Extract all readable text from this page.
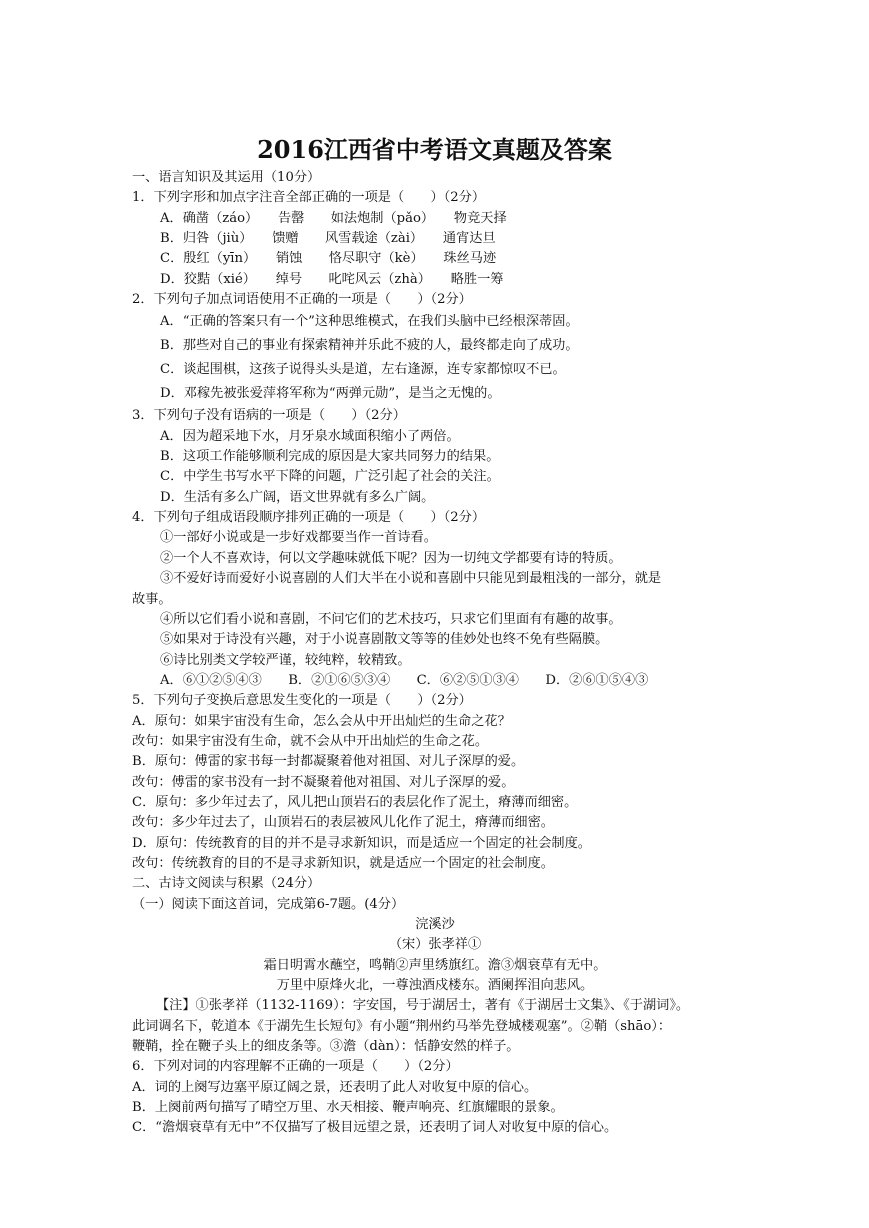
2016江西省中考语文真题及答案
一、语言知识及其运用（10分）
1．下列字形和加点字注音全部正确的一项是（　　）（2分）
A．确凿（záo）　　告罄　　如法炮制（pǎo）　　物竞天择
B．归咎（jiù）　　馈赠　　风雪载途（zài）　　通宵达旦
C．殷红（yīn）　　销蚀　　恪尽职守（kè）　　珠丝马迹
D．狡黠（xié）　　绰号　　叱咤风云（zhà）　　略胜一筹
2．下列句子加点词语使用不正确的一项是（　　）（2分）
A．“正确的答案只有一个”这种思维模式，在我们头脑中已经根深蒂固。
B．那些对自己的事业有探索精神并乐此不疲的人，最终都走向了成功。
C．谈起围棋，这孩子说得头头是道，左右逢源，连专家都惊叹不已。
D．邓稼先被张爱萍将军称为“两弹元勋”，是当之无愧的。
3．下列句子没有语病的一项是（　　）（2分）
A．因为超采地下水，月牙泉水域面积缩小了两倍。
B．这项工作能够顺利完成的原因是大家共同努力的结果。
C．中学生书写水平下降的问题，广泛引起了社会的关注。
D．生活有多么广阔，语文世界就有多么广阔。
4．下列句子组成语段顺序排列正确的一项是（　　）（2分）
①一部好小说或是一步好戏都要当作一首诗看。
②一个人不喜欢诗，何以文学趣味就低下呢？因为一切纯文学都要有诗的特质。
③不爱好诗而爱好小说喜剧的人们大半在小说和喜剧中只能见到最粗浅的一部分，就是
故事。
④所以它们看小说和喜剧，不问它们的艺术技巧，只求它们里面有有趣的故事。
⑤如果对于诗没有兴趣，对于小说喜剧散文等等的佳妙处也终不免有些隔膜。
⑥诗比别类文学较严谨，较纯粹，较精致。
A．⑥①②⑤④③　　B．②①⑥⑤③④　　C．⑥②⑤①③④　　D．②⑥①⑤④③
5．下列句子变换后意思发生变化的一项是（　　）（2分）
A．原句：如果宇宙没有生命，怎么会从中开出灿烂的生命之花？
改句：如果宇宙没有生命，就不会从中开出灿烂的生命之花。
B．原句：傅雷的家书每一封都凝聚着他对祖国、对儿子深厚的爱。
改句：傅雷的家书没有一封不凝聚着他对祖国、对儿子深厚的爱。
C．原句：多少年过去了，风儿把山顶岩石的表层化作了泥土，瘠薄而细密。
改句：多少年过去了，山顶岩石的表层被风儿化作了泥土，瘠薄而细密。
D．原句：传统教育的目的并不是寻求新知识，而是适应一个固定的社会制度。
改句：传统教育的目的不是寻求新知识，就是适应一个固定的社会制度。
二、古诗文阅读与积累（24分）
（一）阅读下面这首词，完成第6-7题。(4分）
浣溪沙
（宋）张孝祥①
霜日明霄水蘸空，鸣鞘②声里绣旗红。澹③烟衰草有无中。
万里中原烽火北，一尊浊酒戍楼东。酒阑挥泪向悲风。
【注】①张孝祥（1132-1169）：字安国，号于湖居士，著有《于湖居士文集》、《于湖词》。
此词调名下，乾道本《于湖先生长短句》有小题“荆州约马举先登城楼观塞”。②鞘（shāo）：
鞭鞘，拴在鞭子头上的细皮条等。③澹（dàn）：恬静安然的样子。
6．下列对词的内容理解不正确的一项是（　　）（2分）
A．词的上阕写边塞平原辽阔之景，还表明了此人对收复中原的信心。
B．上阕前两句描写了晴空万里、水天相接、鞭声响亮、红旗耀眼的景象。
C．“澹烟衰草有无中”不仅描写了极目远望之景，还表明了词人对收复中原的信心。
